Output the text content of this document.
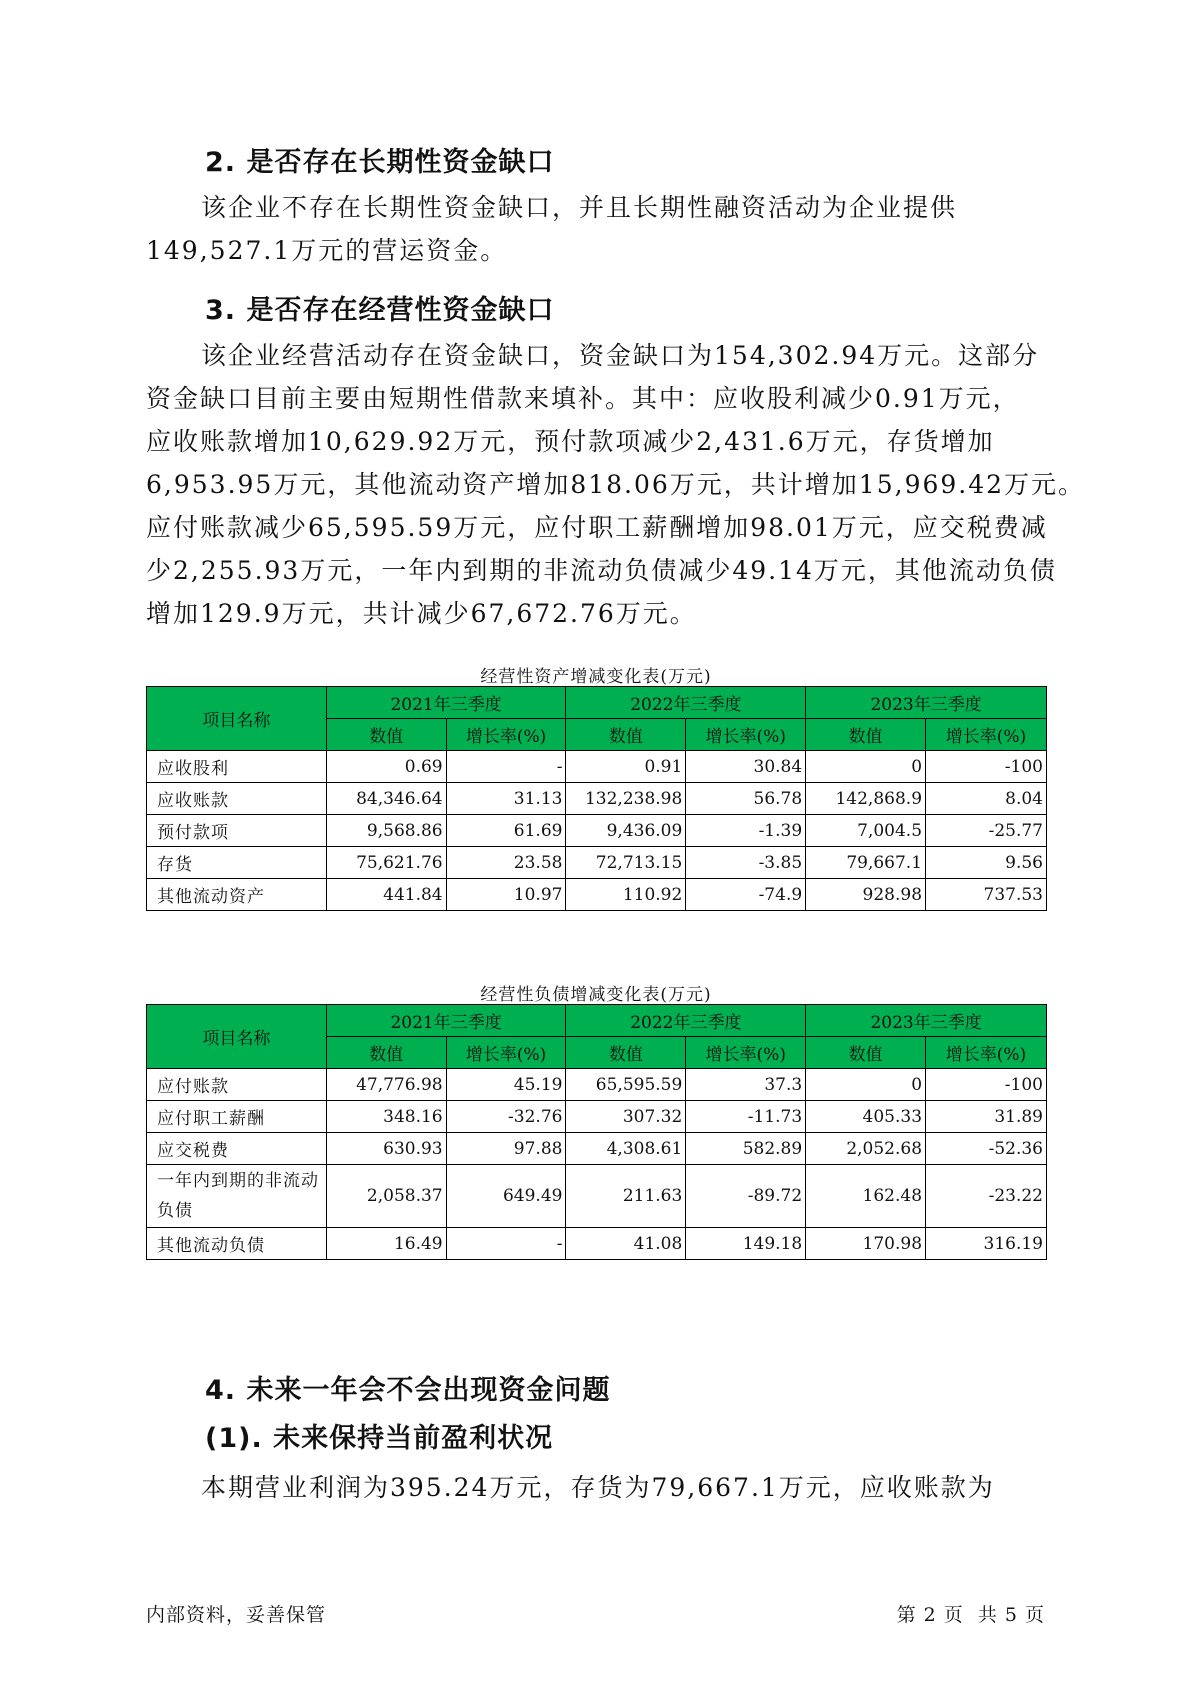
2. 是否存在长期性资金缺口

该企业不存在长期性资金缺口，并且长期性融资活动为企业提供

149,527.1万元的营运资金。

3. 是否存在经营性资金缺口

该企业经营活动存在资金缺口，资金缺口为154,302.94万元。这部分

资金缺口目前主要由短期性借款来填补。其中：应收股利减少0.91万元，

应收账款增加10,629.92万元，预付款项减少2,431.6万元，存货增加

6,953.95万元，其他流动资产增加818.06万元，共计增加15,969.42万元。

应付账款减少65,595.59万元，应付职工薪酬增加98.01万元，应交税费减

少2,255.93万元，一年内到期的非流动负债减少49.14万元，其他流动负债

增加129.9万元，共计减少67,672.76万元。

经营性资产增减变化表(万元)
项目名称	2021年三季度		2022年三季度		2023年三季度	
	数值	增长率(%)	数值	增长率(%)	数值	增长率(%)
应收股利	0.69	-	0.91	30.84	0	-100
应收账款	84,346.64	31.13	132,238.98	56.78	142,868.9	8.04
预付款项	9,568.86	61.69	9,436.09	-1.39	7,004.5	-25.77
存货	75,621.76	23.58	72,713.15	-3.85	79,667.1	9.56
其他流动资产	441.84	10.97	110.92	-74.9	928.98	737.53
经营性负债增减变化表(万元)
项目名称	2021年三季度		2022年三季度		2023年三季度	
	数值	增长率(%)	数值	增长率(%)	数值	增长率(%)
应付账款	47,776.98	45.19	65,595.59	37.3	0	-100
应付职工薪酬	348.16	-32.76	307.32	-11.73	405.33	31.89
应交税费	630.93	97.88	4,308.61	582.89	2,052.68	-52.36
一年内到期的非流动负债	2,058.37	649.49	211.63	-89.72	162.48	-23.22
其他流动负债	16.49	-	41.08	149.18	170.98	316.19
4. 未来一年会不会出现资金问题
(1). 未来保持当前盈利状况

本期营业利润为395.24万元，存货为79,667.1万元，应收账款为

内部资料，妥善保管	第 2 页  共 5 页
